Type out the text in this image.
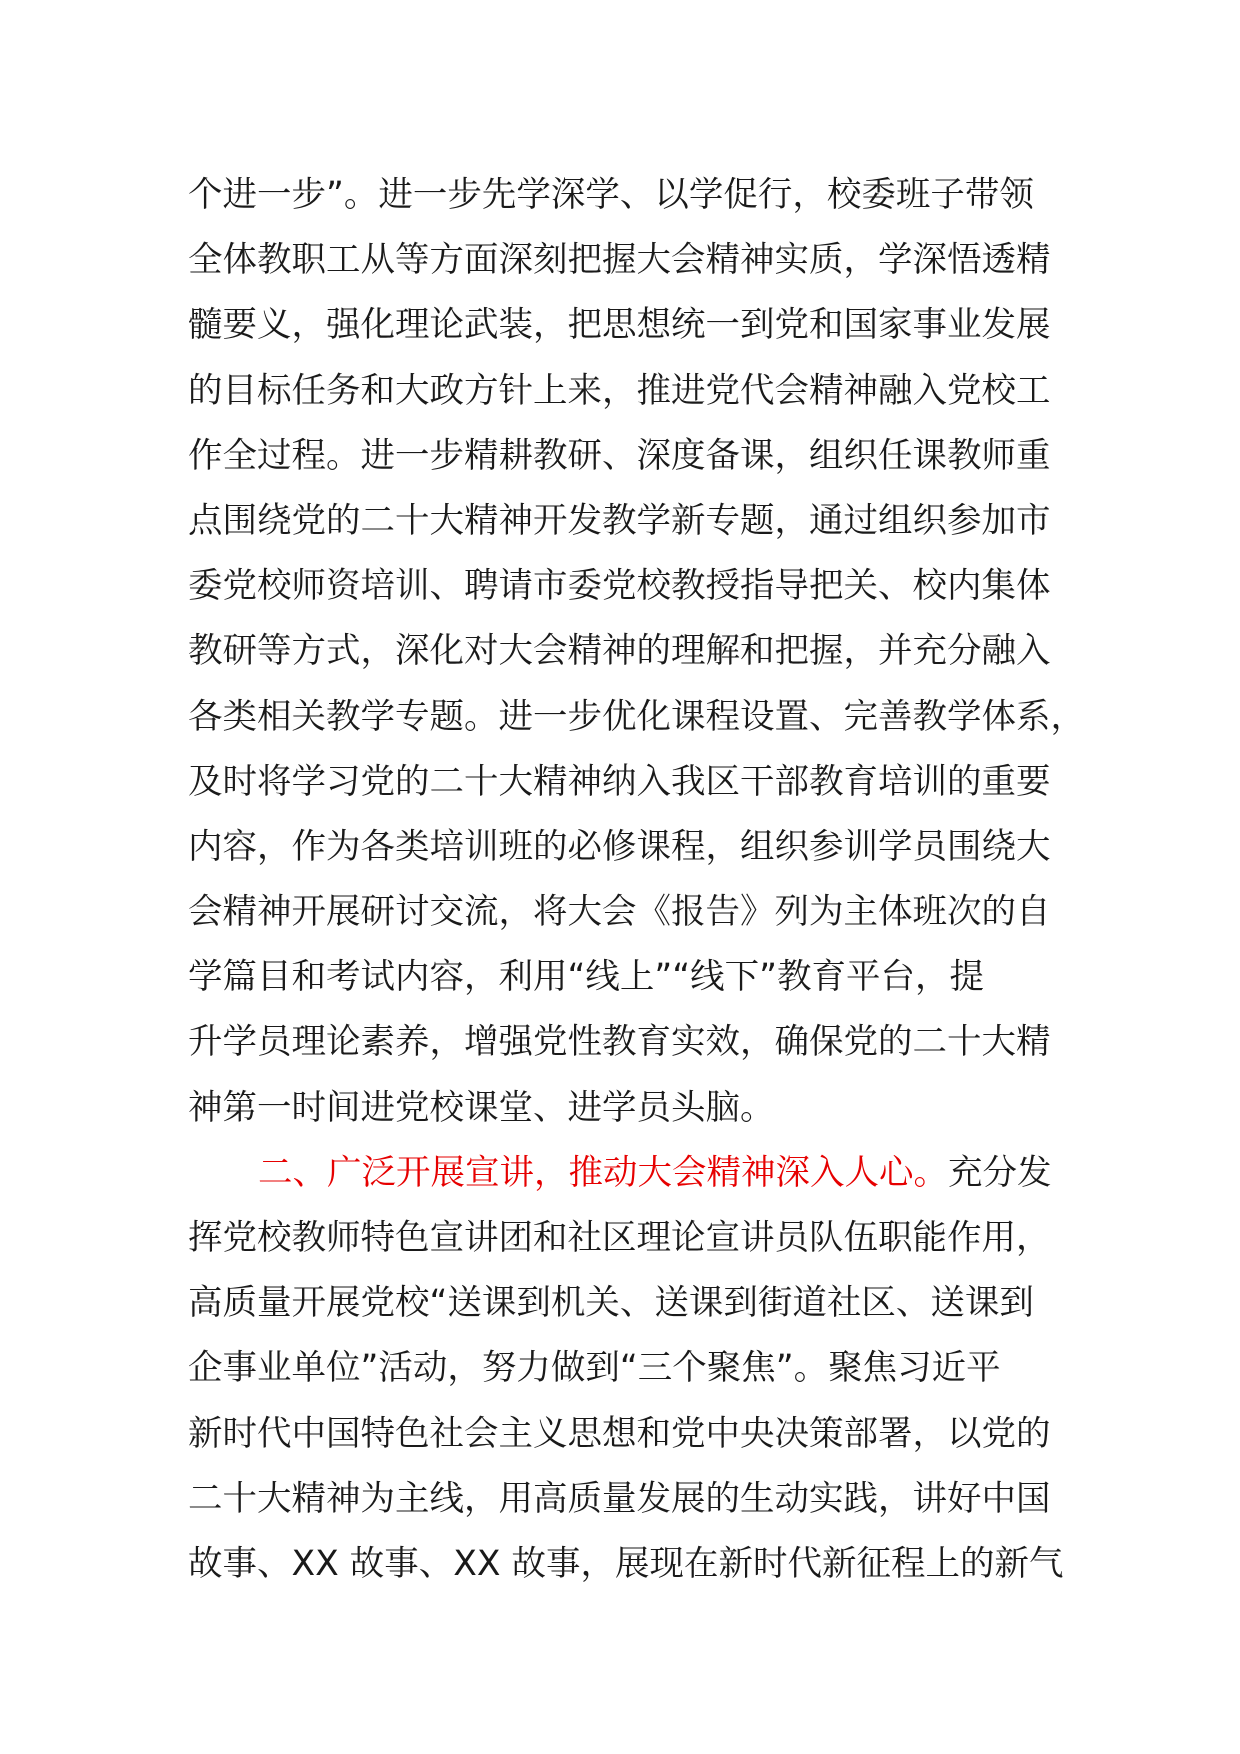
个进一步”。进一步先学深学、以学促行，校委班子带领
全体教职工从等方面深刻把握大会精神实质，学深悟透精
髓要义，强化理论武装，把思想统一到党和国家事业发展
的目标任务和大政方针上来，推进党代会精神融入党校工
作全过程。进一步精耕教研、深度备课，组织任课教师重
点围绕党的二十大精神开发教学新专题，通过组织参加市
委党校师资培训、聘请市委党校教授指导把关、校内集体
教研等方式，深化对大会精神的理解和把握，并充分融入
各类相关教学专题。进一步优化课程设置、完善教学体系，
及时将学习党的二十大精神纳入我区干部教育培训的重要
内容，作为各类培训班的必修课程，组织参训学员围绕大
会精神开展研讨交流，将大会《报告》列为主体班次的自
学篇目和考试内容，利用“线上”“线下”教育平台，提
升学员理论素养，增强党性教育实效，确保党的二十大精
神第一时间进党校课堂、进学员头脑。
二、广泛开展宣讲，推动大会精神深入人心。充分发
挥党校教师特色宣讲团和社区理论宣讲员队伍职能作用，
高质量开展党校“送课到机关、送课到街道社区、送课到
企事业单位”活动，努力做到“三个聚焦”。聚焦习近平
新时代中国特色社会主义思想和党中央决策部署，以党的
二十大精神为主线，用高质量发展的生动实践，讲好中国
故事、XX 故事、XX 故事，展现在新时代新征程上的新气
